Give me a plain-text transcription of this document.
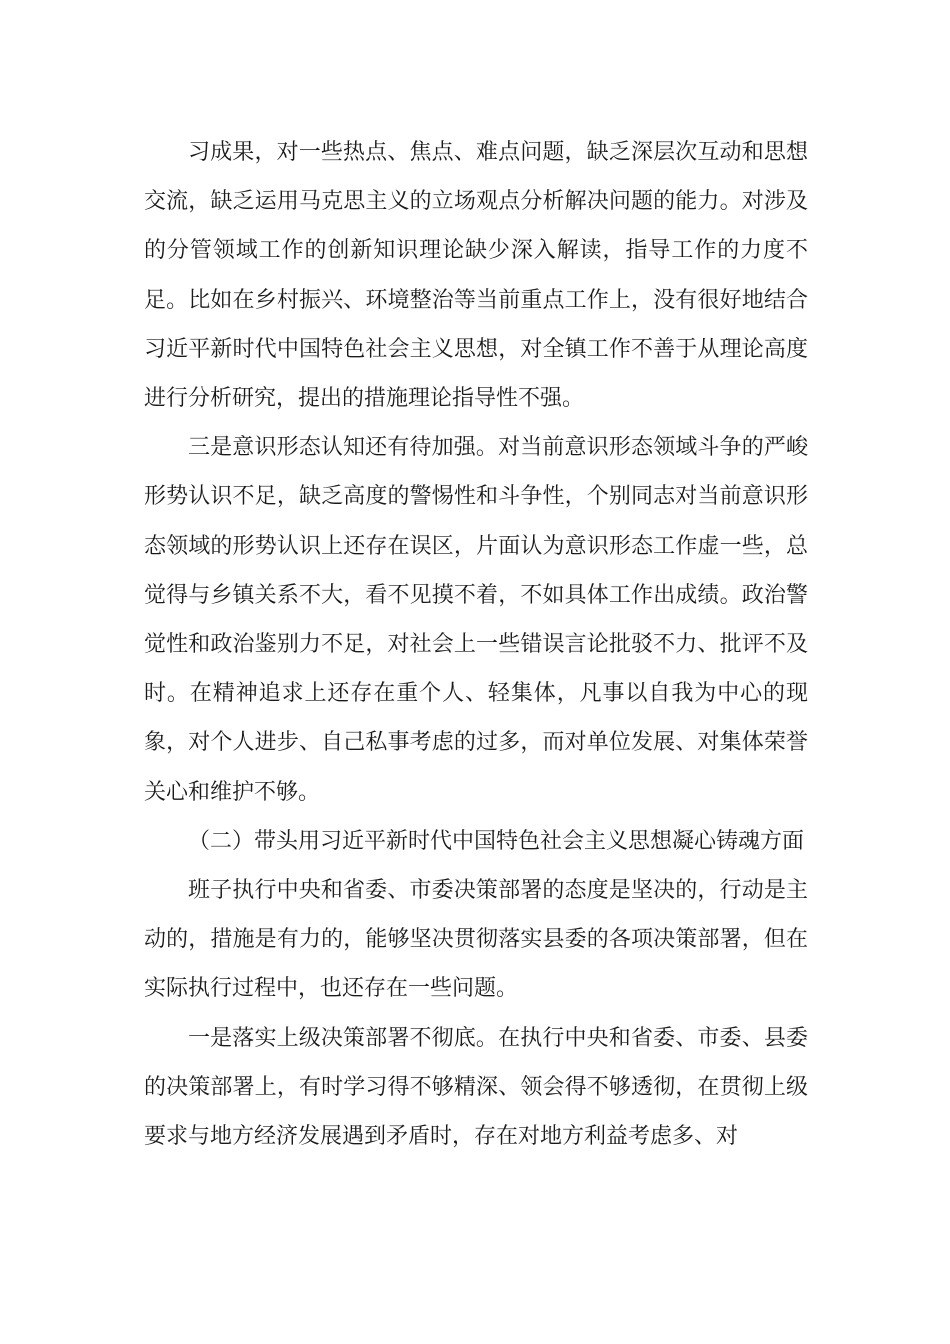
习成果，对一些热点、焦点、难点问题，缺乏深层次互动和思想交流，缺乏运用马克思主义的立场观点分析解决问题的能力。对涉及的分管领域工作的创新知识理论缺少深入解读，指导工作的力度不足。比如在乡村振兴、环境整治等当前重点工作上，没有很好地结合习近平新时代中国特色社会主义思想，对全镇工作不善于从理论高度进行分析研究，提出的措施理论指导性不强。

三是意识形态认知还有待加强。对当前意识形态领域斗争的严峻形势认识不足，缺乏高度的警惕性和斗争性，个别同志对当前意识形态领域的形势认识上还存在误区，片面认为意识形态工作虚一些，总觉得与乡镇关系不大，看不见摸不着，不如具体工作出成绩。政治警觉性和政治鉴别力不足，对社会上一些错误言论批驳不力、批评不及时。在精神追求上还存在重个人、轻集体，凡事以自我为中心的现象，对个人进步、自己私事考虑的过多，而对单位发展、对集体荣誉关心和维护不够。

（二）带头用习近平新时代中国特色社会主义思想凝心铸魂方面

班子执行中央和省委、市委决策部署的态度是坚决的，行动是主动的，措施是有力的，能够坚决贯彻落实县委的各项决策部署，但在实际执行过程中，也还存在一些问题。

一是落实上级决策部署不彻底。在执行中央和省委、市委、县委的决策部署上，有时学习得不够精深、领会得不够透彻，在贯彻上级要求与地方经济发展遇到矛盾时，存在对地方利益考虑多、对
